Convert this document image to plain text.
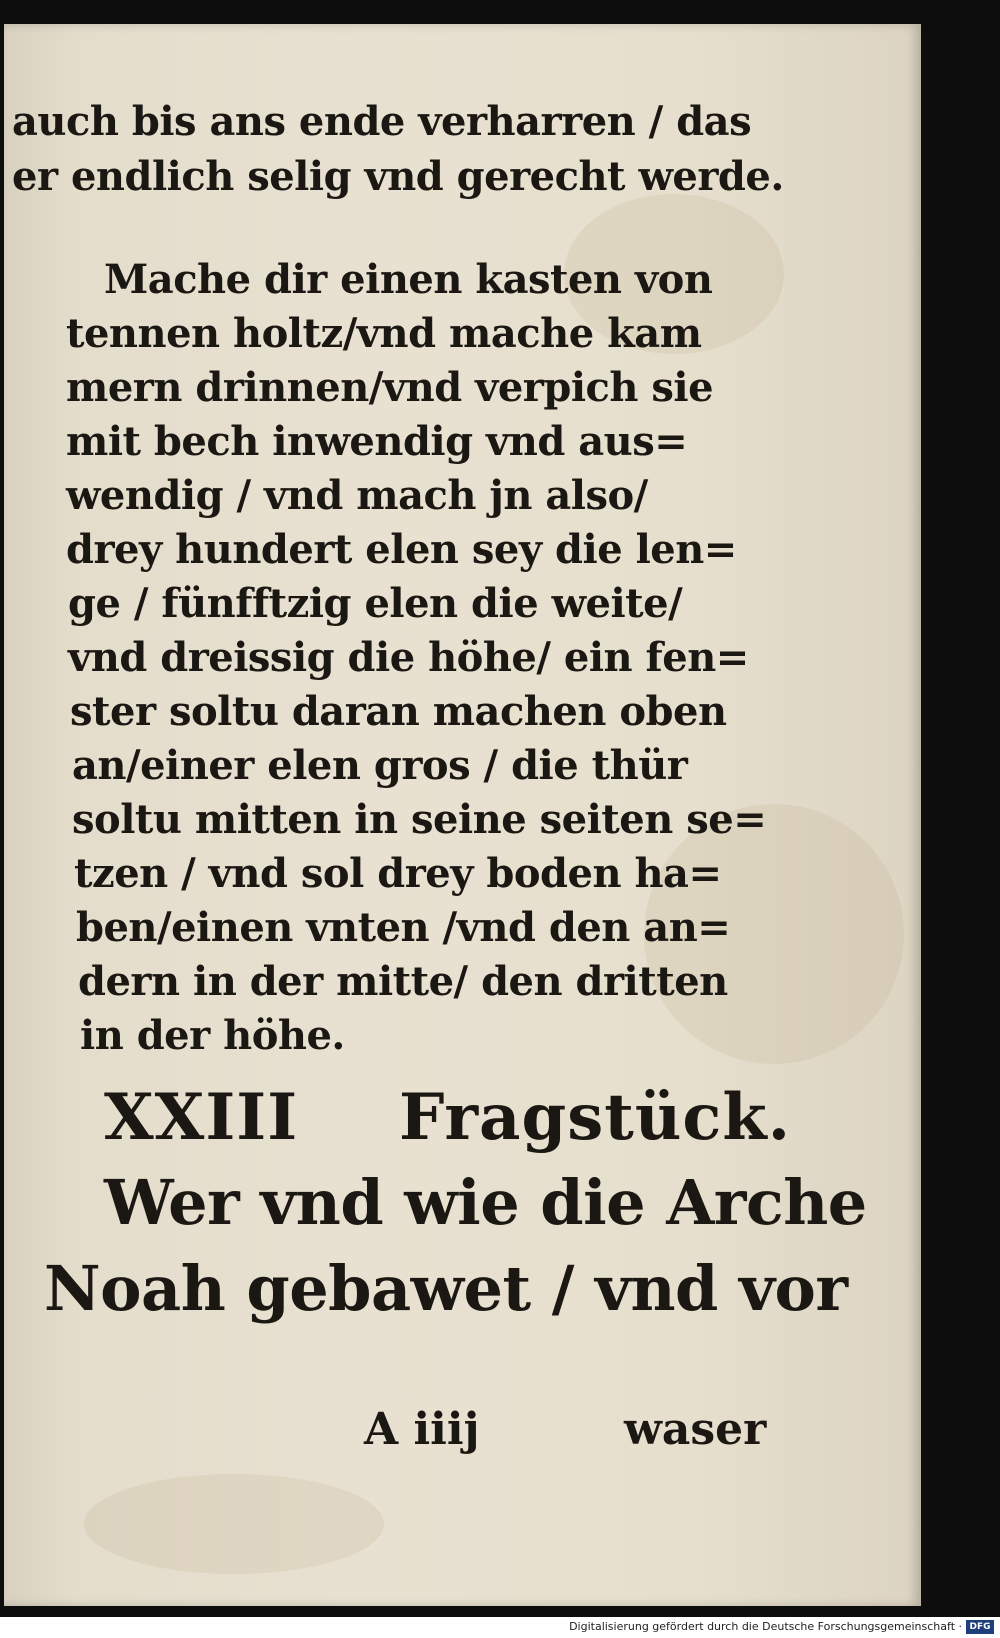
auch bis ans ende verharren / das
er endlich selig vnd gerecht werde.
Mache dir einen kasten von
tennen holtz/vnd mache kam
mern drinnen/vnd verpich sie
mit bech inwendig vnd aus=
wendig / vnd mach jn also/
drey hundert elen sey die len=
ge / fünfftzig elen die weite/
vnd dreissig die höhe/ ein fen=
ster soltu daran machen oben
an/einer elen gros / die thür
soltu mitten in seine seiten se=
tzen / vnd sol drey boden ha=
ben/einen vnten /vnd den an=
dern in der mitte/ den dritten
in der höhe.
XXIII Fragstück.
Wer vnd wie die Arche
Noah gebawet / vnd vor
A iiij	waser
Digitalisierung gefördert durch die Deutsche Forschungsgemeinschaft · DFG
